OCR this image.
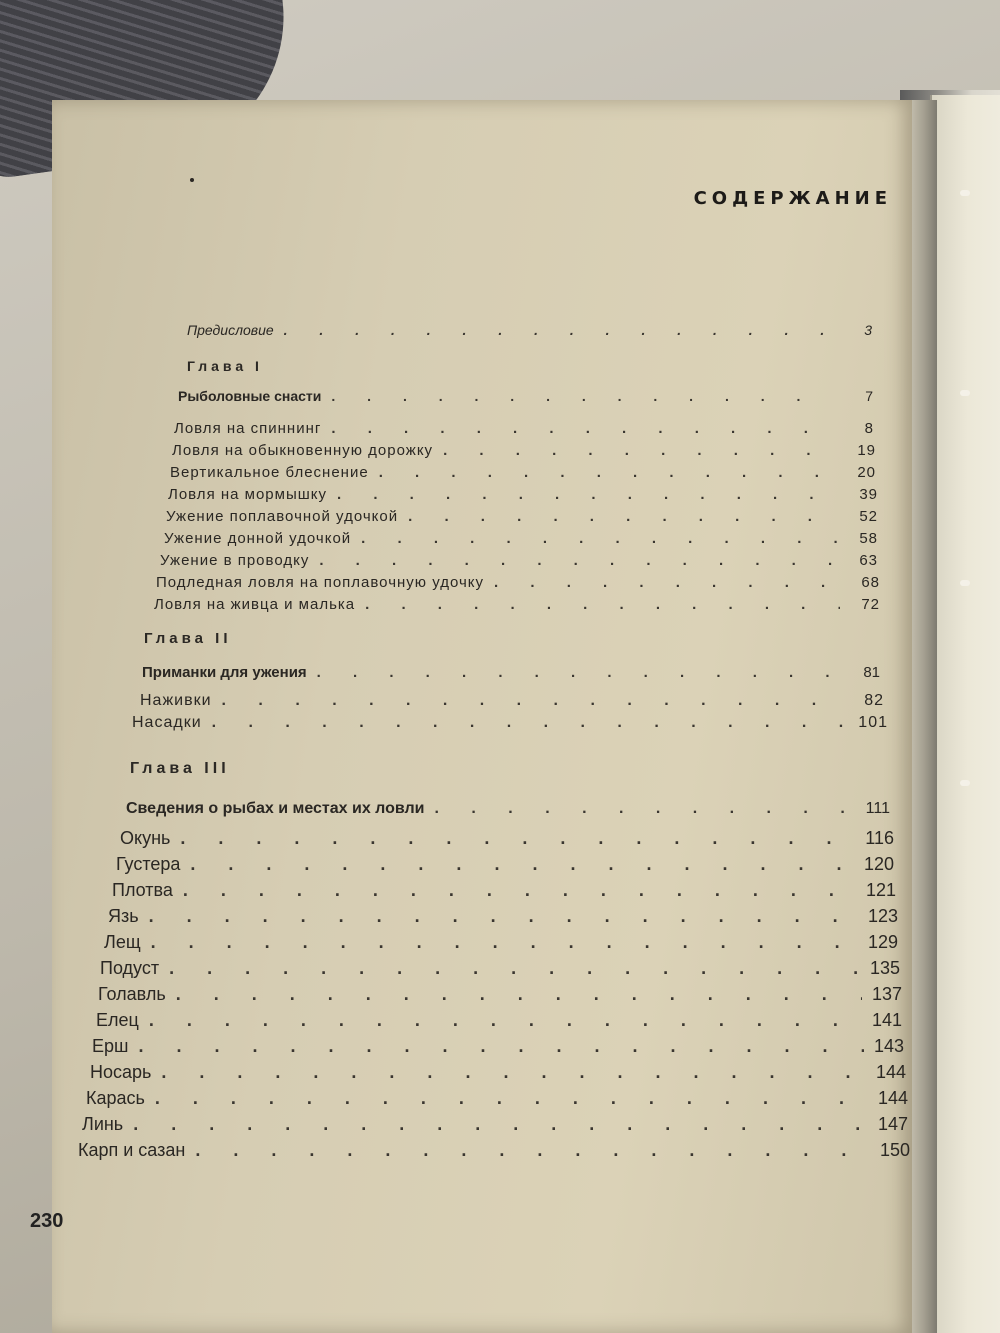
СОДЕРЖАНИЕ
Предисловие . . .	3
Глава I
Рыболовные снасти . . .	7
Ловля на спиннинг . . .	8
Ловля на обыкновенную дорожку . . .	19
Вертикальное блеснение . . .	20
Ловля на мормышку . . .	39
Ужение поплавочной удочкой . . .	52
Ужение донной удочкой . . .	58
Ужение в проводку . . .	63
Подледная ловля на поплавочную удочку . . .	68
Ловля на живца и малька . . .	72
Глава II
Приманки для ужения . . .	81
Наживки . . .	82
Насадки . . .	101
Глава III
Сведения о рыбах и местах их ловли . . .	111
Окунь . . .	116
Густера . . .	120
Плотва . . .	121
Язь . . .	123
Лещ . . .	129
Подуст . . .	135
Голавль . . .	137
Елец . . .	141
Ерш . . .	143
Носарь . . .	144
Карась . . .	144
Линь . . .	147
Карп и сазан . . .	150
230
